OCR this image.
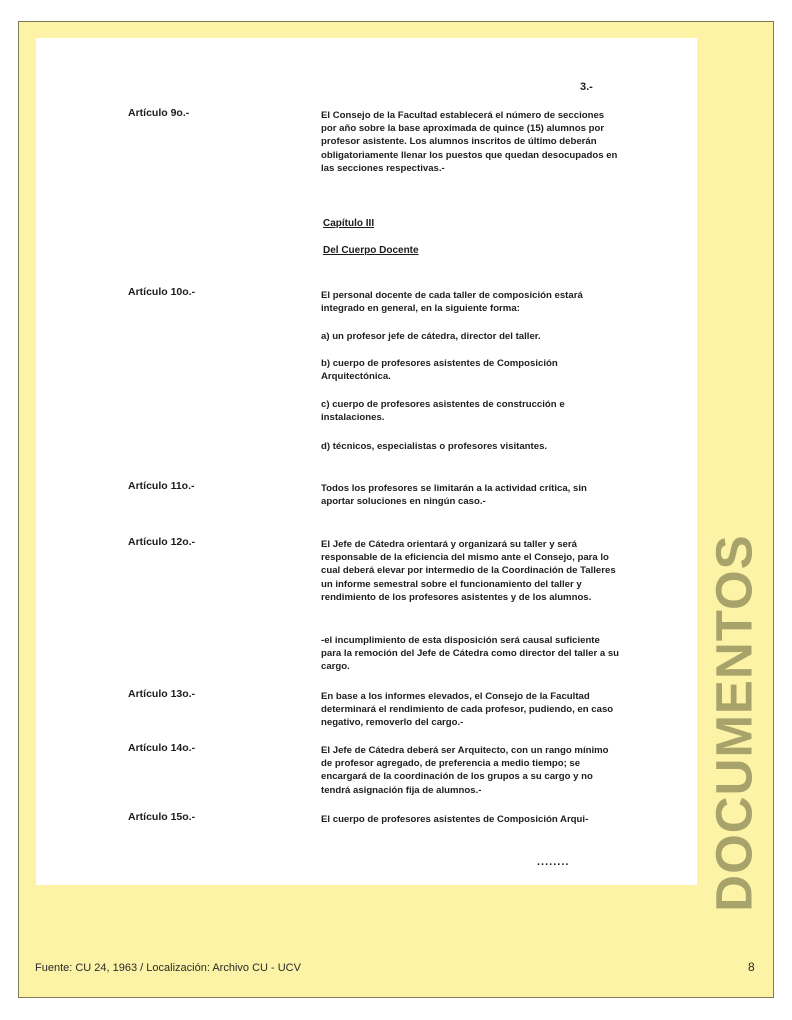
3.-
Artículo 9o.-	El Consejo de la Facultad establecerá el número de secciones por año sobre la base aproximada de quince (15) alumnos por profesor asistente. Los alumnos inscritos de último deberán obligatoriamente llenar los puestos que quedan desocupados en las secciones respectivas.-
Capítulo III
Del Cuerpo Docente
Artículo 10o.-	El personal docente de cada taller de composición estará integrado en general, en la siguiente forma:
a) un profesor jefe de cátedra, director del taller.
b) cuerpo de profesores asistentes de Composición Arquitectónica.
c) cuerpo de profesores asistentes de construcción e instalaciones.
d) técnicos, especialistas o profesores visitantes.
Artículo 11o.-	Todos los profesores se limitarán a la actividad crítica, sin aportar soluciones en ningún caso.-
Artículo 12o.-	El Jefe de Cátedra orientará y organizará su taller y será responsable de la eficiencia del mismo ante el Consejo, para lo cual deberá elevar por intermedio de la Coordinación de Talleres un informe semestral sobre el funcionamiento del taller y rendimiento de los profesores asistentes y de los alumnos.
-el incumplimiento de esta disposición será causal suficiente para la remoción del Jefe de Cátedra como director del taller a su cargo.
Artículo 13o.-	En base a los informes elevados, el Consejo de la Facultad determinará el rendimiento de cada profesor, pudiendo, en caso negativo, removerlo del cargo.-
Artículo 14o.-	El Jefe de Cátedra deberá ser Arquitecto, con un rango mínimo de profesor agregado, de preferencia a medio tiempo; se encargará de la coordinación de los grupos a su cargo y no tendrá asignación fija de alumnos.-
Artículo 15o.-	El cuerpo de profesores asistentes de Composición Arqui-
........	DOCUMENTOS
Fuente: CU 24, 1963 / Localización: Archivo CU - UCV	8
